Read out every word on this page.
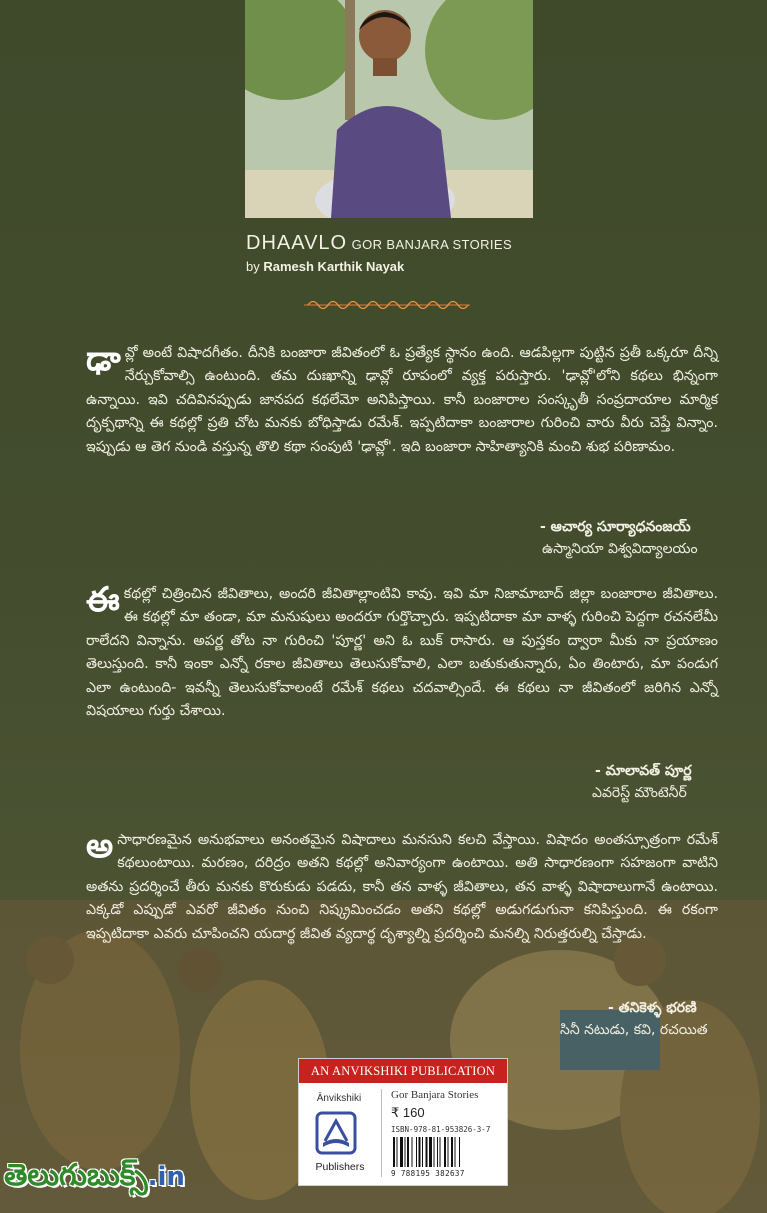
DHAAVLO GOR BANJARA STORIES
by Ramesh Karthik Nayak

ఢా వ్లో అంటే విషాదగీతం. దీనికి బంజారా జీవితంలో ఓ ప్రత్యేక స్థానం ఉంది. ఆడపిల్లగా పుట్టిన ప్రతీ ఒక్కరూ దీన్ని నేర్చుకోవాల్సి ఉంటుంది. తమ దుఃఖాన్ని ఢావ్లో రూపంలో వ్యక్త పరుస్తారు. 'ఢావ్లో'లోని కథలు భిన్నంగా ఉన్నాయి. ఇవి చదివినప్పుడు జానపద కథలేమో అనిపిస్తాయి. కానీ బంజారాల సంస్కృతీ సంప్రదాయాల మార్మిక దృక్పథాన్ని ఈ కథల్లో ప్రతి చోట మనకు బోధిస్తాడు రమేశ్. ఇప్పటిదాకా బంజారాల గురించి వారు వీరు చెప్తే విన్నాం. ఇప్పుడు ఆ తెగ నుండి వస్తున్న తొలి కథా సంపుటి 'ఢావ్లో'. ఇది బంజారా సాహిత్యానికి మంచి శుభ పరిణామం.

- ఆచార్య సూర్యాధనంజయ్
ఉస్మానియా విశ్వవిద్యాలయం

ఈ కథల్లో చిత్రించిన జీవితాలు, అందరి జీవితాల్లాంటివి కావు. ఇవి మా నిజామాబాద్ జిల్లా బంజారాల జీవితాలు. ఈ కథల్లో మా తండా, మా మనుషులు అందరూ గుర్తొచ్చారు. ఇప్పటిదాకా మా వాళ్ళ గురించి పెద్దగా రచనలేమీ రాలేదని విన్నాను. అపర్ణ తోట నా గురించి 'పూర్ణ' అని ఓ బుక్ రాసారు. ఆ పుస్తకం ద్వారా మీకు నా ప్రయాణం తెలుస్తుంది. కానీ ఇంకా ఎన్నో రకాల జీవితాలు తెలుసుకోవాలి, ఎలా బతుకుతున్నారు, ఏం తింటారు, మా పండుగ ఎలా ఉంటుంది- ఇవన్నీ తెలుసుకోవాలంటే రమేశ్ కథలు చదవాల్సిందే. ఈ కథలు నా జీవితంలో జరిగిన ఎన్నో విషయాలు గుర్తు చేశాయి.

- మాలావత్ పూర్ణ
ఎవరెస్ట్ మౌంటెనీర్

అ సాధారణమైన అనుభవాలు అనంతమైన విషాదాలు మనసుని కలచి వేస్తాయి. విషాదం అంతస్సూత్రంగా రమేశ్ కథలుంటాయి. మరణం, దరిద్రం అతని కథల్లో అనివార్యంగా ఉంటాయి. అతి సాధారణంగా సహజంగా వాటిని అతను ప్రదర్శించే తీరు మనకు కొరుకుడు పడదు, కానీ తన వాళ్ళ జీవితాలు, తన వాళ్ళ విషాదాలుగానే ఉంటాయి. ఎక్కడో ఎప్పుడో ఎవరో జీవితం నుంచి నిష్క్రమించడం అతని కథల్లో అడుగడుగునా కనిపిస్తుంది. ఈ రకంగా ఇప్పటిదాకా ఎవరు చూపించని యదార్థ జీవిత వ్యదార్థ దృశ్యాల్ని ప్రదర్శించి మనల్ని నిరుత్తరుల్ని చేస్తాడు.

- తనికెళ్ళ భరణి
సినీ నటుడు, కవి, రచయిత
AN ANVIKSHIKI PUBLICATION
Ānvikshiki
Publishers
Gor Banjara Stories
₹ 160
ISBN-978-81-953826-3-7
9 788195 382637
తెలుగుబుక్స్.in
